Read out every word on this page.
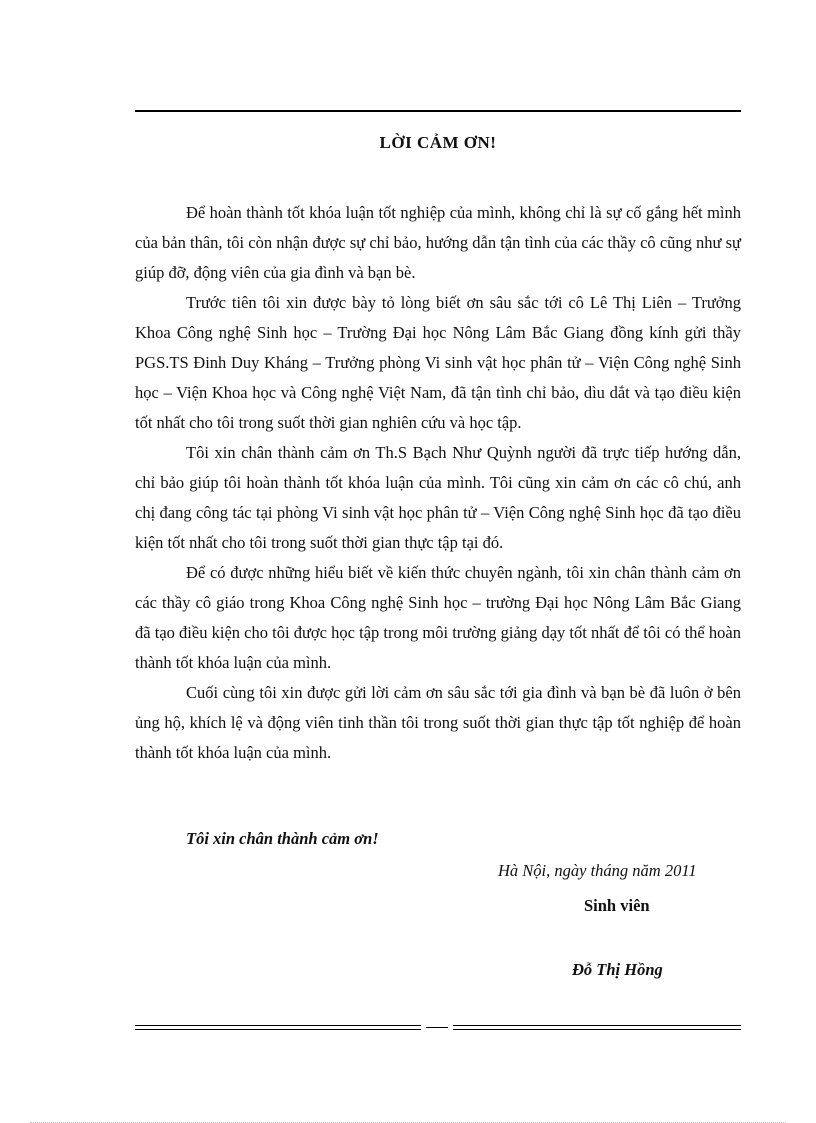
LỜI CẢM ƠN!

Để hoàn thành tốt khóa luận tốt nghiệp của mình, không chỉ là sự cố gắng hết mình của bản thân, tôi còn nhận được sự chỉ bảo, hướng dẫn tận tình của các thầy cô cũng như sự giúp đỡ, động viên của gia đình và bạn bè.

Trước tiên tôi xin được bày tỏ lòng biết ơn sâu sắc tới cô Lê Thị Liên – Trưởng Khoa Công nghệ Sinh học – Trường Đại học Nông Lâm Bắc Giang đồng kính gửi thầy PGS.TS Đinh Duy Kháng – Trưởng phòng Vi sinh vật học phân tử – Viện Công nghệ Sinh học – Viện Khoa học và Công nghệ Việt Nam, đã tận tình chỉ bảo, dìu dắt và tạo điều kiện tốt nhất cho tôi trong suốt thời gian nghiên cứu và học tập.

Tôi xin chân thành cảm ơn Th.S Bạch Như Quỳnh người đã trực tiếp hướng dẫn, chỉ bảo giúp tôi hoàn thành tốt khóa luận của mình. Tôi cũng xin cảm ơn các cô chú, anh chị đang công tác tại phòng Vi sinh vật học phân tử – Viện Công nghệ Sinh học đã tạo điều kiện tốt nhất cho tôi trong suốt thời gian thực tập tại đó.

Để có được những hiểu biết về kiến thức chuyên ngành, tôi xin chân thành cảm ơn các thầy cô giáo trong Khoa Công nghệ Sinh học – trường Đại học Nông Lâm Bắc Giang đã tạo điều kiện cho tôi được học tập trong môi trường giảng dạy tốt nhất để tôi có thể hoàn thành tốt khóa luận của mình.

Cuối cùng tôi xin được gửi lời cảm ơn sâu sắc tới gia đình và bạn bè đã luôn ở bên ủng hộ, khích lệ và động viên tinh thần tôi trong suốt thời gian thực tập tốt nghiệp để hoàn thành tốt khóa luận của mình.

Tôi xin chân thành cảm ơn!
Hà Nội, ngày tháng năm 2011
Sinh viên
Đỗ Thị Hồng
